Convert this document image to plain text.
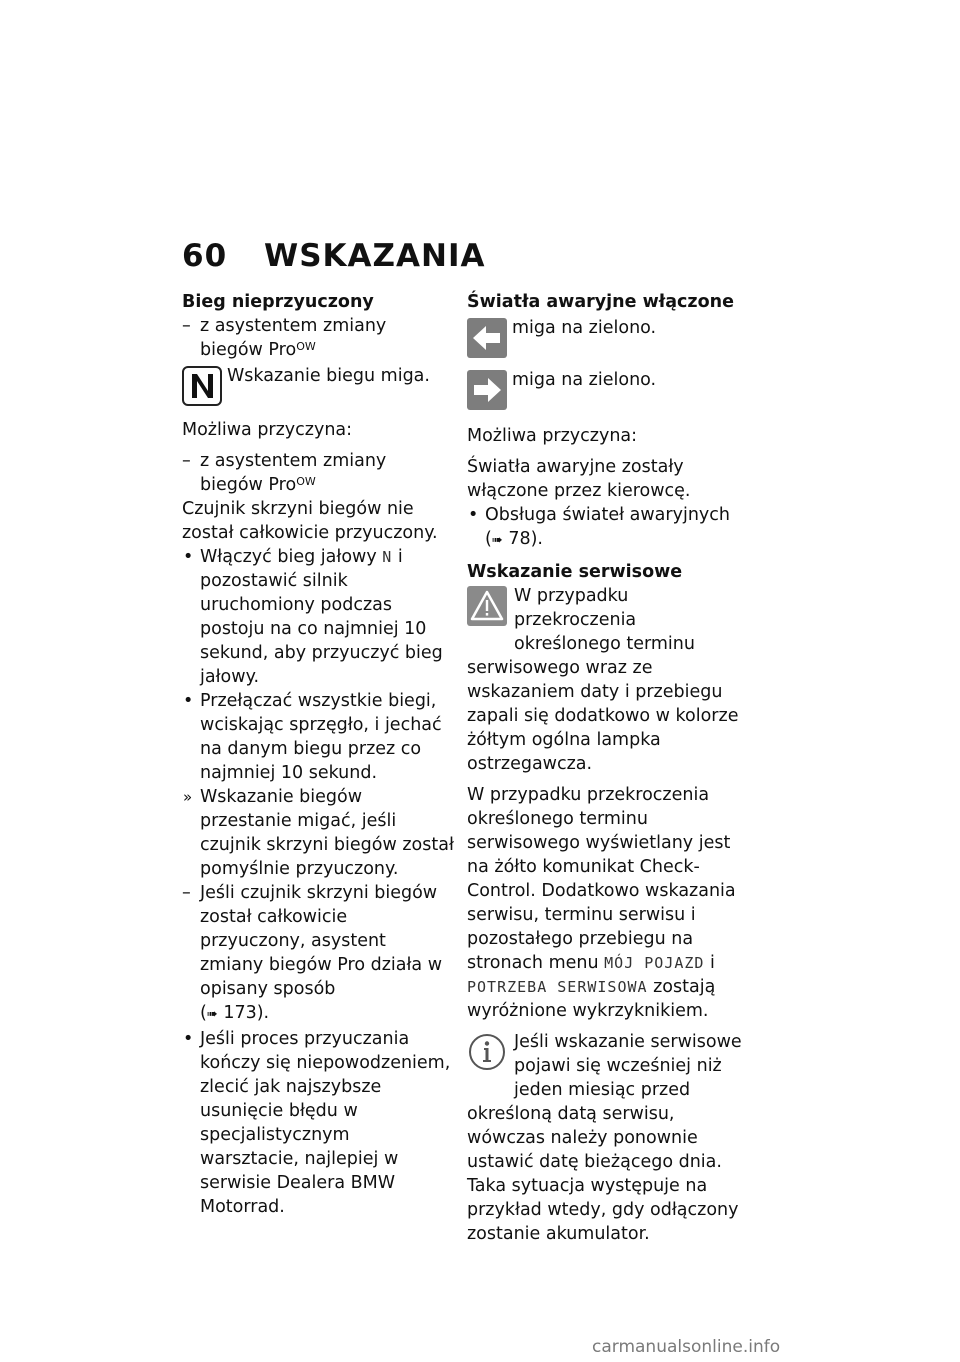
60 WSKAZANIA

Bieg nieprzyuczony

– z asystentem zmiany biegów Pro$^{OW}$

Wskazanie biegu miga.

Możliwa przyczyna:

– z asystentem zmiany biegów Pro$^{OW}$

Czujnik skrzyni biegów nie został całkowicie przyuczony.

• Włączyć bieg jałowy N i pozostawić silnik uruchomiony podczas postoju na co najmniej 10 sekund, aby przyuczyć bieg jałowy.

• Przełączać wszystkie biegi, wciskając sprzęgło, i jechać na danym biegu przez co najmniej 10 sekund.

» Wskazanie biegów przestanie migać, jeśli czujnik skrzyni biegów został pomyślnie przyuczony.

– Jeśli czujnik skrzyni biegów został całkowicie przyuczony, asystent zmiany biegów Pro działa w opisany sposób
(➠ 173).

• Jeśli proces przyuczania kończy się niepowodzeniem, zlecić jak najszybsze usunięcie błędu w specjalistycznym warsztacie, najlepiej w serwisie Dealera BMW Motorrad.

Światła awaryjne włączone

miga na zielono.
miga na zielono.

Możliwa przyczyna:

Światła awaryjne zostały włączone przez kierowcę.

• Obsługa świateł awaryjnych
(➠ 78).

Wskazanie serwisowe

W przypadku przekroczenia określonego terminu serwisowego wraz ze wskazaniem daty i przebiegu zapali się dodatkowo w kolorze żółtym ogólna lampka ostrzegawcza.

W przypadku przekroczenia określonego terminu serwisowego wyświetlany jest na żółto komunikat Check-Control. Dodatkowo wskazania serwisu, terminu serwisu i pozostałego przebiegu na stronach menu MÓJ POJAZD i POTRZEBA SERWISOWA zostają wyróżnione wykrzyknikiem.

Jeśli wskazanie serwisowe pojawi się wcześniej niż jeden miesiąc przed określoną datą serwisu, wówczas należy ponownie ustawić datę bieżącego dnia. Taka sytuacja występuje na przykład wtedy, gdy odłączony zostanie akumulator.
carmanualsonline.info
